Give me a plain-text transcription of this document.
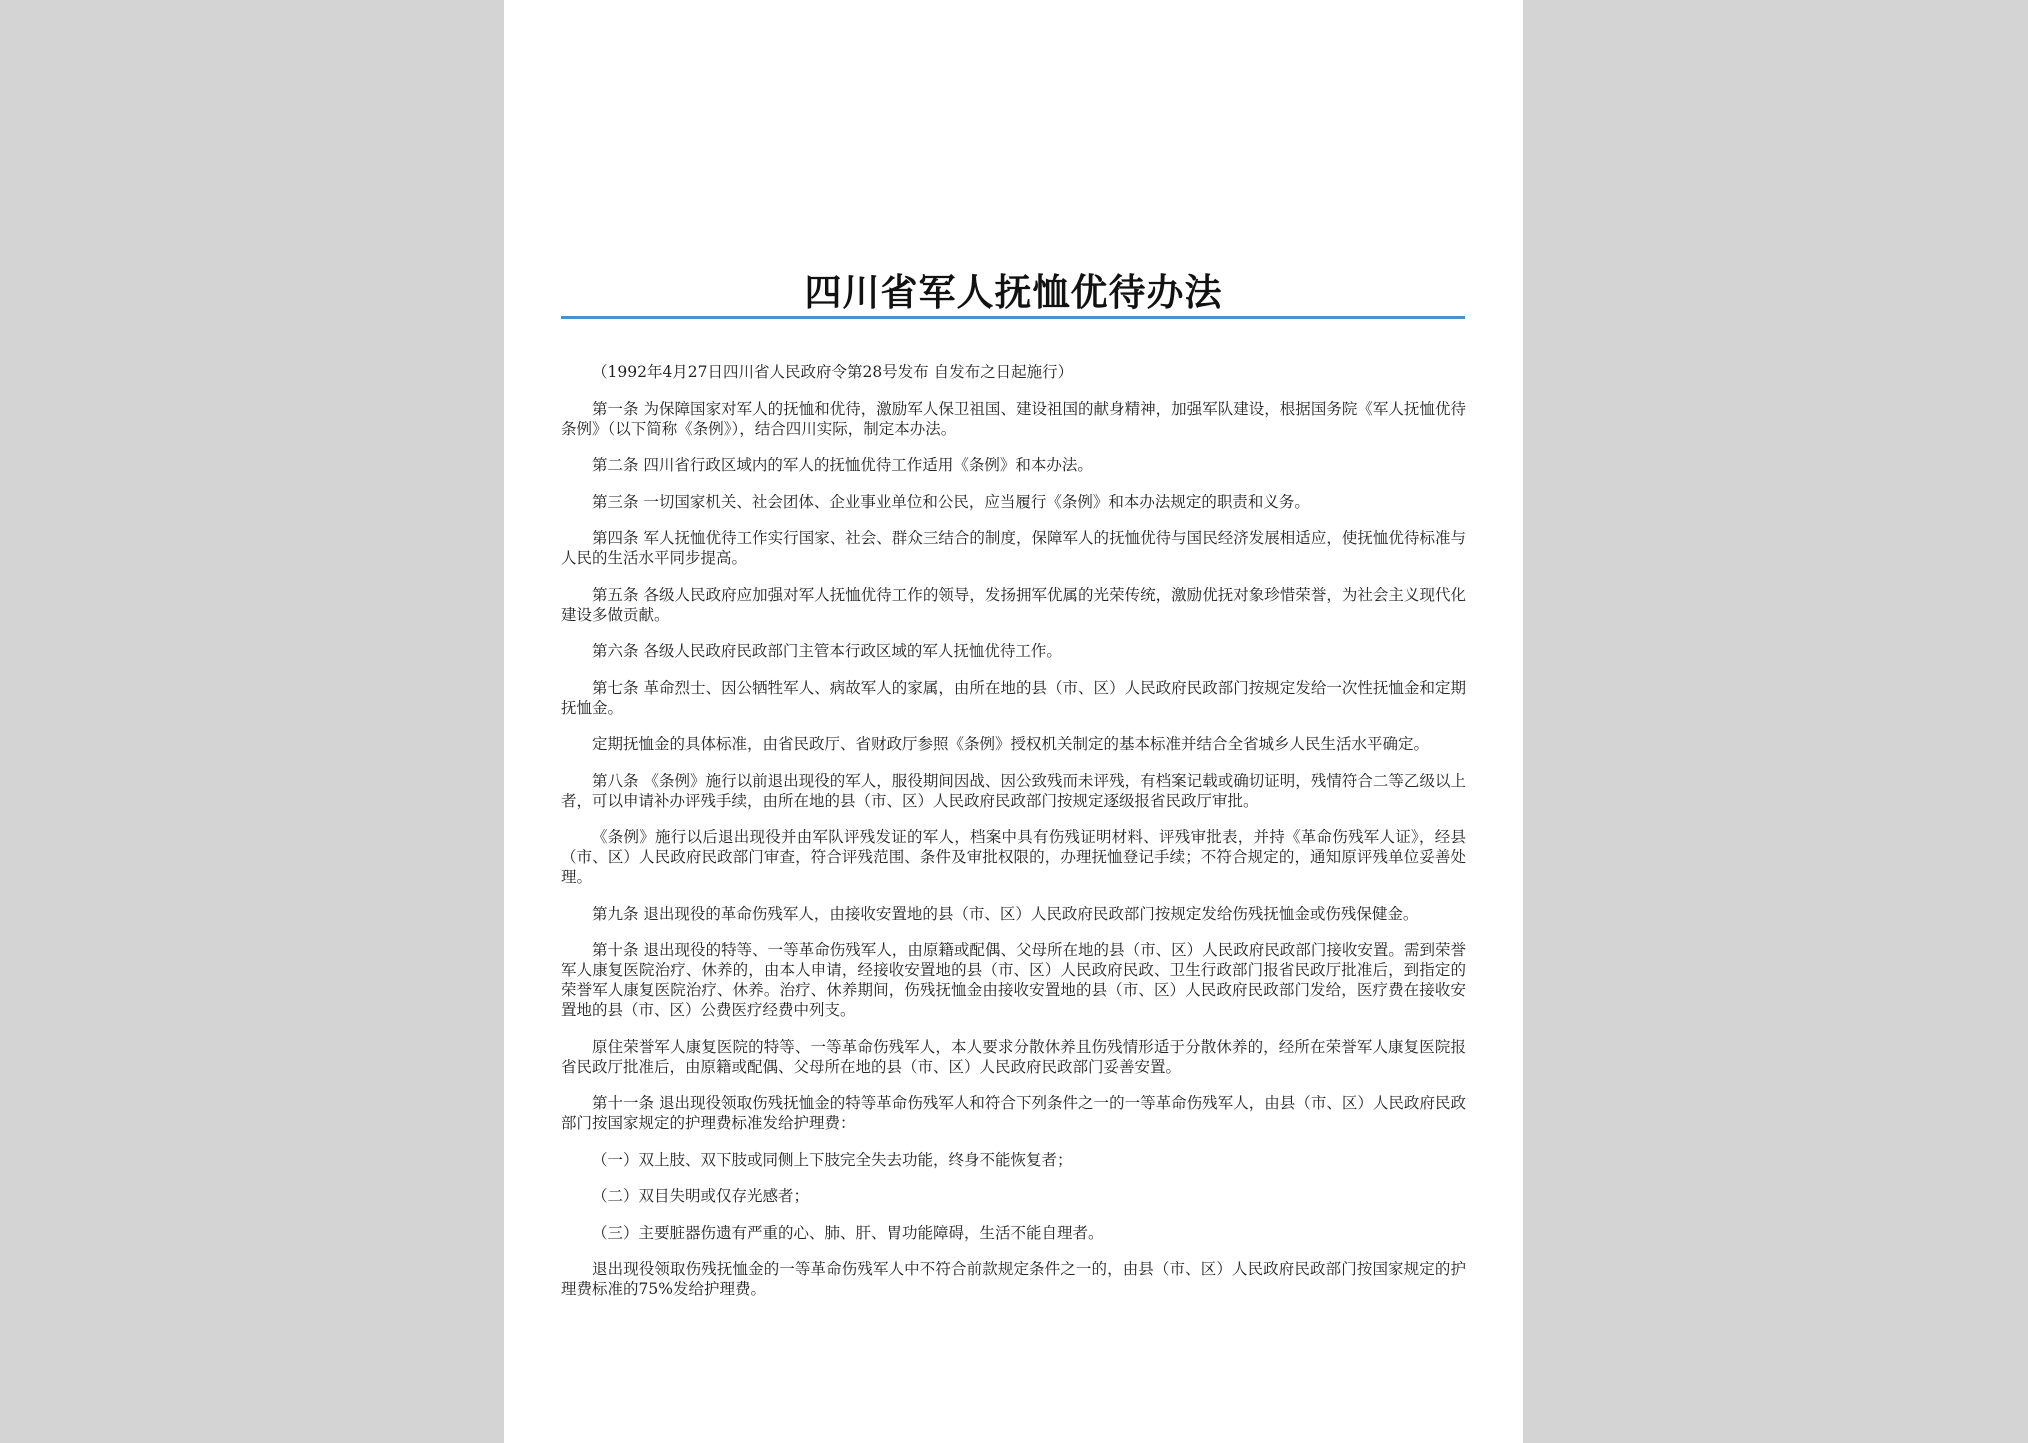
四川省军人抚恤优待办法

（1992年4月27日四川省人民政府令第28号发布 自发布之日起施行）

第一条 为保障国家对军人的抚恤和优待，激励军人保卫祖国、建设祖国的献身精神，加强军队建设，根据国务院《军人抚恤优待条例》（以下简称《条例》），结合四川实际，制定本办法。

第二条 四川省行政区域内的军人的抚恤优待工作适用《条例》和本办法。

第三条 一切国家机关、社会团体、企业事业单位和公民，应当履行《条例》和本办法规定的职责和义务。

第四条 军人抚恤优待工作实行国家、社会、群众三结合的制度，保障军人的抚恤优待与国民经济发展相适应，使抚恤优待标准与人民的生活水平同步提高。

第五条 各级人民政府应加强对军人抚恤优待工作的领导，发扬拥军优属的光荣传统，激励优抚对象珍惜荣誉，为社会主义现代化建设多做贡献。

第六条 各级人民政府民政部门主管本行政区域的军人抚恤优待工作。

第七条 革命烈士、因公牺牲军人、病故军人的家属，由所在地的县（市、区）人民政府民政部门按规定发给一次性抚恤金和定期抚恤金。

定期抚恤金的具体标准，由省民政厅、省财政厅参照《条例》授权机关制定的基本标准并结合全省城乡人民生活水平确定。

第八条 《条例》施行以前退出现役的军人，服役期间因战、因公致残而未评残，有档案记载或确切证明，残情符合二等乙级以上者，可以申请补办评残手续，由所在地的县（市、区）人民政府民政部门按规定逐级报省民政厅审批。

《条例》施行以后退出现役并由军队评残发证的军人，档案中具有伤残证明材料、评残审批表，并持《革命伤残军人证》，经县（市、区）人民政府民政部门审查，符合评残范围、条件及审批权限的，办理抚恤登记手续；不符合规定的，通知原评残单位妥善处理。

第九条 退出现役的革命伤残军人，由接收安置地的县（市、区）人民政府民政部门按规定发给伤残抚恤金或伤残保健金。

第十条 退出现役的特等、一等革命伤残军人，由原籍或配偶、父母所在地的县（市、区）人民政府民政部门接收安置。需到荣誉军人康复医院治疗、休养的，由本人申请，经接收安置地的县（市、区）人民政府民政、卫生行政部门报省民政厅批准后，到指定的荣誉军人康复医院治疗、休养。治疗、休养期间，伤残抚恤金由接收安置地的县（市、区）人民政府民政部门发给，医疗费在接收安置地的县（市、区）公费医疗经费中列支。

原住荣誉军人康复医院的特等、一等革命伤残军人，本人要求分散休养且伤残情形适于分散休养的，经所在荣誉军人康复医院报省民政厅批准后，由原籍或配偶、父母所在地的县（市、区）人民政府民政部门妥善安置。

第十一条 退出现役领取伤残抚恤金的特等革命伤残军人和符合下列条件之一的一等革命伤残军人，由县（市、区）人民政府民政部门按国家规定的护理费标准发给护理费：

（一）双上肢、双下肢或同侧上下肢完全失去功能，终身不能恢复者；

（二）双目失明或仅存光感者；

（三）主要脏器伤遗有严重的心、肺、肝、胃功能障碍，生活不能自理者。

退出现役领取伤残抚恤金的一等革命伤残军人中不符合前款规定条件之一的，由县（市、区）人民政府民政部门按国家规定的护理费标准的75%发给护理费。
